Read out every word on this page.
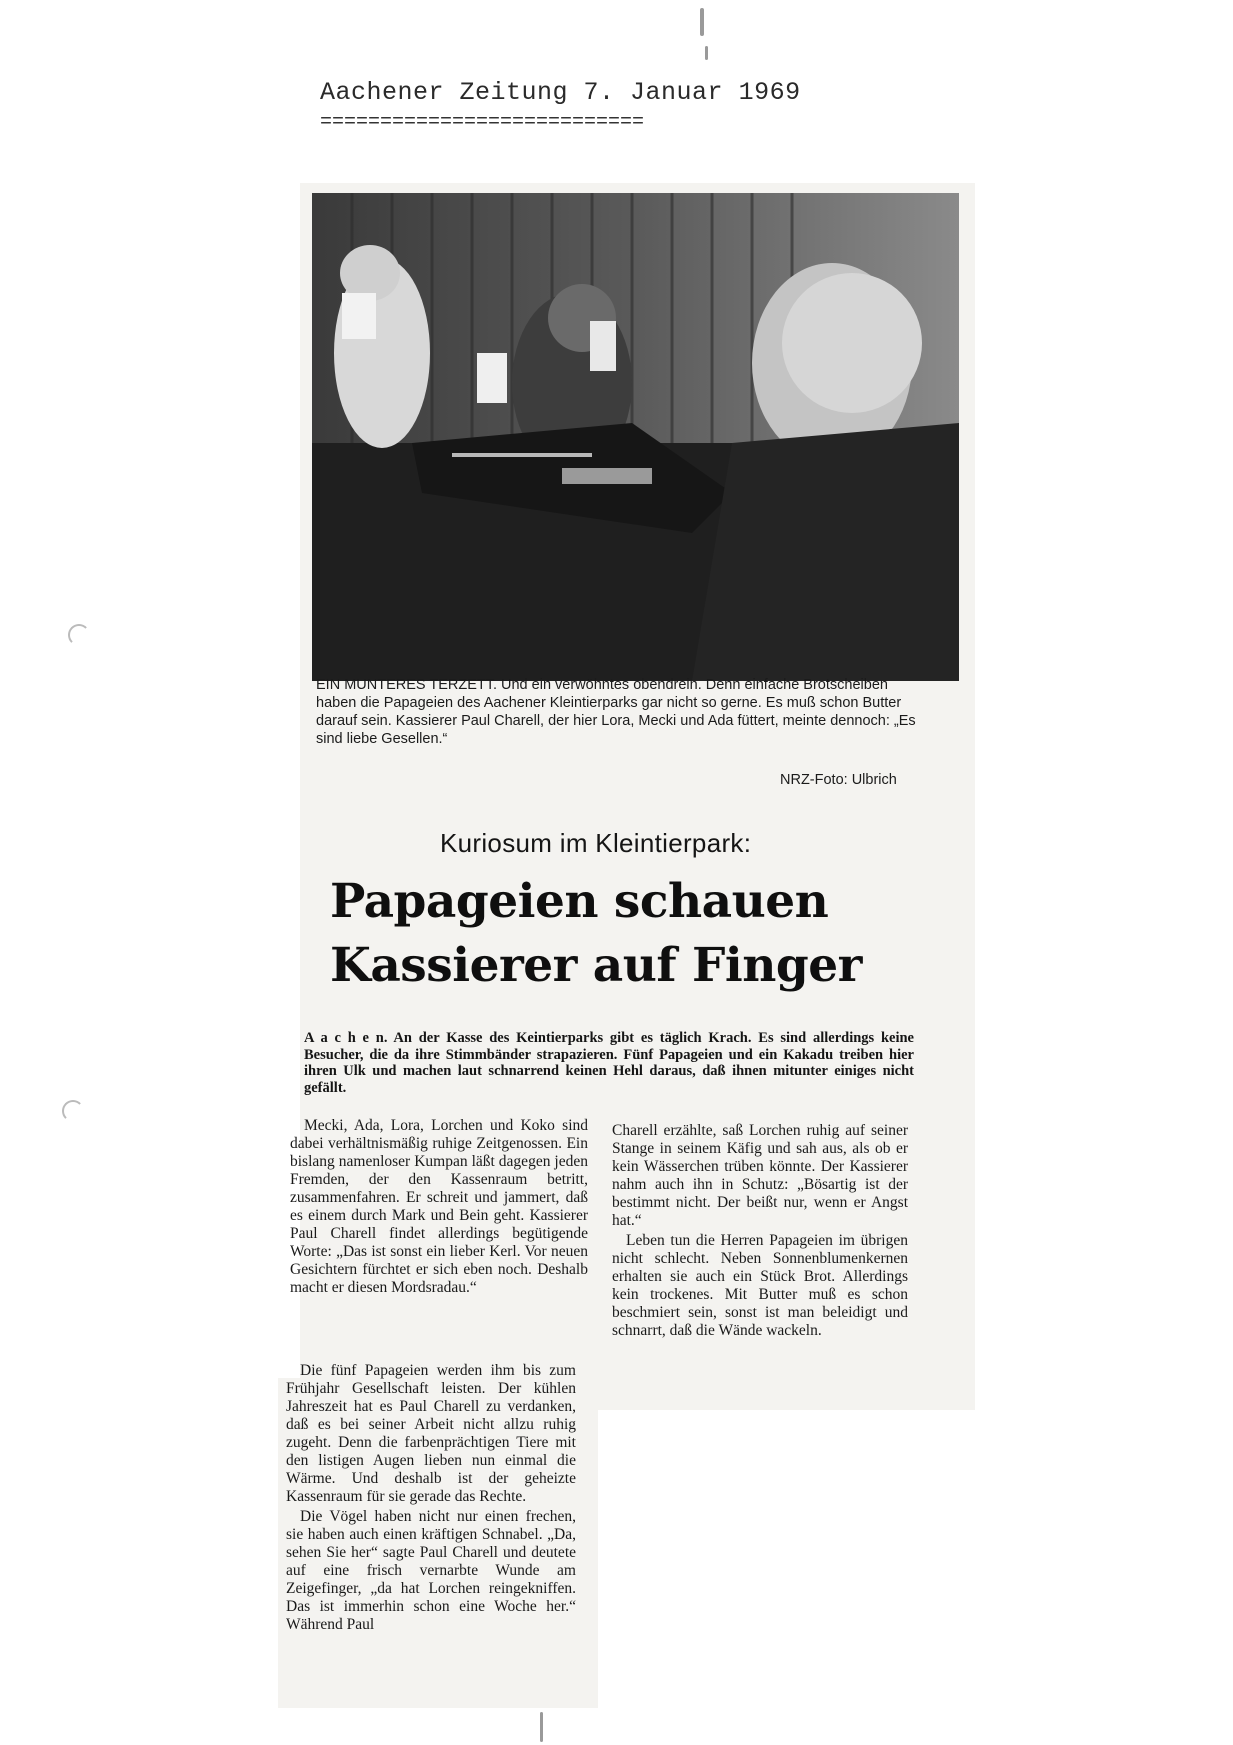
Aachener Zeitung 7. Januar 1969
===========================
EIN MUNTERES TERZETT. Und ein verwöhntes obendrein. Denn einfache Brotscheiben haben die Papageien des Aachener Kleintierparks gar nicht so gerne. Es muß schon Butter darauf sein. Kassierer Paul Charell, der hier Lora, Mecki und Ada füttert, meinte dennoch: „Es sind liebe Gesellen.“
NRZ-Foto: Ulbrich
Kuriosum im Kleintierpark:
Papageien schauen
Kassierer auf Finger
A a c h e n. An der Kasse des Keintierparks gibt es täglich Krach. Es sind allerdings keine Besucher, die da ihre Stimmbänder strapazieren. Fünf Papageien und ein Kakadu treiben hier ihren Ulk und machen laut schnarrend keinen Hehl daraus, daß ihnen mitunter einiges nicht gefällt.

Mecki, Ada, Lora, Lorchen und Koko sind dabei verhältnismäßig ruhige Zeitgenossen. Ein bislang namenloser Kumpan läßt dagegen jeden Fremden, der den Kassenraum betritt, zusammenfahren. Er schreit und jammert, daß es einem durch Mark und Bein geht. Kassierer Paul Charell findet allerdings begütigende Worte: „Das ist sonst ein lieber Kerl. Vor neuen Gesichtern fürchtet er sich eben noch. Deshalb macht er diesen Mordsradau.“

Die fünf Papageien werden ihm bis zum Frühjahr Gesellschaft leisten. Der kühlen Jahreszeit hat es Paul Charell zu verdanken, daß es bei seiner Arbeit nicht allzu ruhig zugeht. Denn die farbenprächtigen Tiere mit den listigen Augen lieben nun einmal die Wärme. Und deshalb ist der geheizte Kassenraum für sie gerade das Rechte.

Die Vögel haben nicht nur einen frechen, sie haben auch einen kräftigen Schnabel. „Da, sehen Sie her“ sagte Paul Charell und deutete auf eine frisch vernarbte Wunde am Zeigefinger, „da hat Lorchen reingekniffen. Das ist immerhin schon eine Woche her.“ Während Paul

Charell erzählte, saß Lorchen ruhig auf seiner Stange in seinem Käfig und sah aus, als ob er kein Wässerchen trüben könnte. Der Kassierer nahm auch ihn in Schutz: „Bösartig ist der bestimmt nicht. Der beißt nur, wenn er Angst hat.“

Leben tun die Herren Papageien im übrigen nicht schlecht. Neben Sonnenblumenkernen erhalten sie auch ein Stück Brot. Allerdings kein trockenes. Mit Butter muß es schon beschmiert sein, sonst ist man beleidigt und schnarrt, daß die Wände wackeln.
